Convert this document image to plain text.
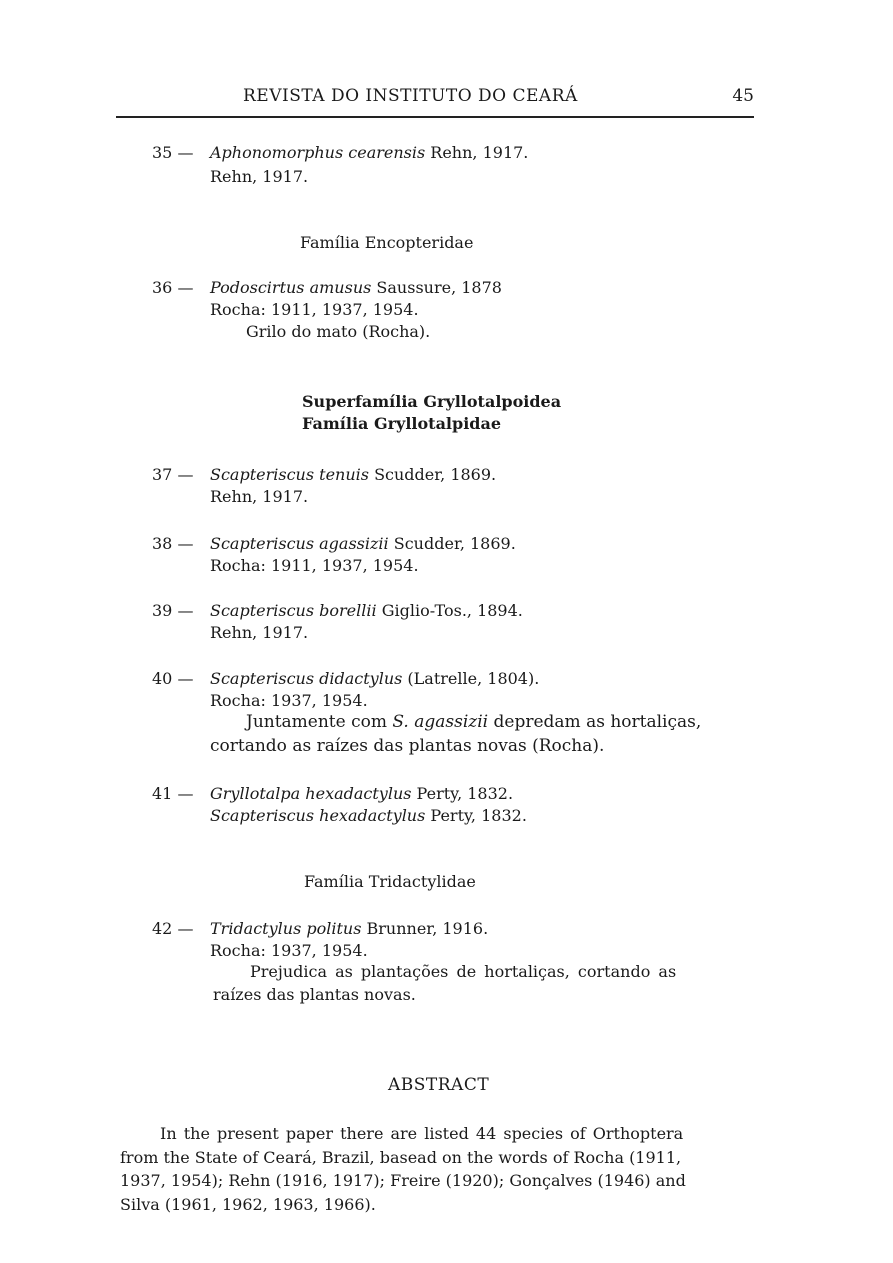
REVISTA DO INSTITUTO DO CEARÁ	45
35 —	Aphonomorphus cearensis Rehn, 1917.
Rehn, 1917.
Família Encopteridae
36 —	Podoscirtus amusus Saussure, 1878
Rocha: 1911, 1937, 1954.
Grilo do mato (Rocha).
Superfamília Gryllotalpoidea
Família Gryllotalpidae
37 —	Scapteriscus tenuis Scudder, 1869.
Rehn, 1917.
38 —	Scapteriscus agassizii Scudder, 1869.
Rocha: 1911, 1937, 1954.
39 —	Scapteriscus borellii Giglio-Tos., 1894.
Rehn, 1917.
40 —	Scapteriscus didactylus (Latrelle, 1804).
Rocha: 1937, 1954.
Juntamente com S. agassizii depredam as hortaliças,
cortando as raízes das plantas novas (Rocha).
41 —	Gryllotalpa hexadactylus Perty, 1832.
Scapteriscus hexadactylus Perty, 1832.
Família Tridactylidae
42 —	Tridactylus politus Brunner, 1916.
Rocha: 1937, 1954.
Prejudica as plantações de hortaliças, cortando as
raízes das plantas novas.
ABSTRACT
In the present paper there are listed 44 species of Orthoptera
from the State of Ceará, Brazil, basead on the words of Rocha (1911,
1937, 1954); Rehn (1916, 1917); Freire (1920); Gonçalves (1946) and
Silva (1961, 1962, 1963, 1966).
